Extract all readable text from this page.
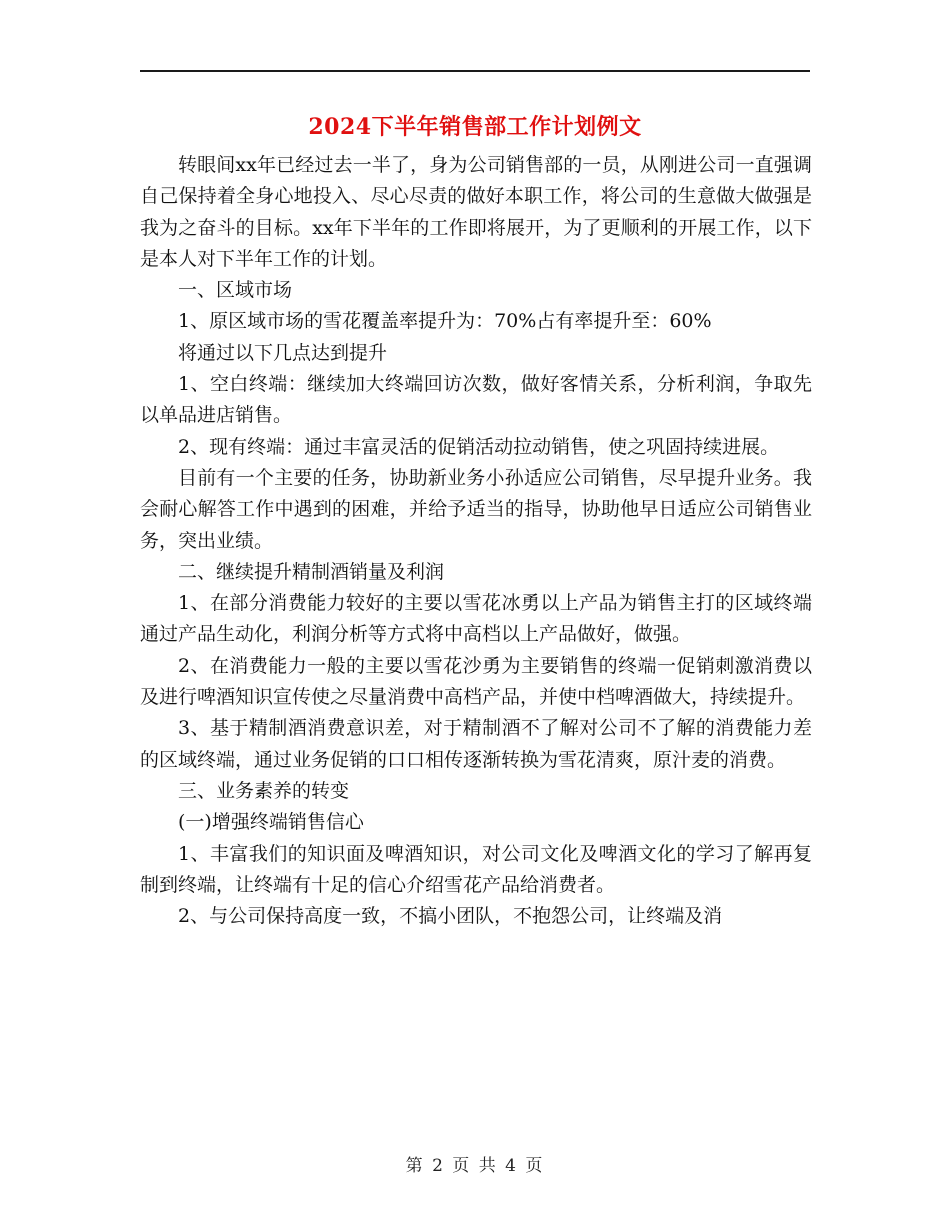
2024下半年销售部工作计划例文

转眼间xx年已经过去一半了，身为公司销售部的一员，从刚进公司一直强调自己保持着全身心地投入、尽心尽责的做好本职工作，将公司的生意做大做强是我为之奋斗的目标。xx年下半年的工作即将展开，为了更顺利的开展工作，以下是本人对下半年工作的计划。

一、区域市场

1、原区域市场的雪花覆盖率提升为：70%占有率提升至：60%

将通过以下几点达到提升

1、空白终端：继续加大终端回访次数，做好客情关系，分析利润，争取先以单品进店销售。

2、现有终端：通过丰富灵活的促销活动拉动销售，使之巩固持续进展。

目前有一个主要的任务，协助新业务小孙适应公司销售，尽早提升业务。我会耐心解答工作中遇到的困难，并给予适当的指导，协助他早日适应公司销售业务，突出业绩。

二、继续提升精制酒销量及利润

1、在部分消费能力较好的主要以雪花冰勇以上产品为销售主打的区域终端通过产品生动化，利润分析等方式将中高档以上产品做好，做强。

2、在消费能力一般的主要以雪花沙勇为主要销售的终端一促销刺激消费以及进行啤酒知识宣传使之尽量消费中高档产品，并使中档啤酒做大，持续提升。

3、基于精制酒消费意识差，对于精制酒不了解对公司不了解的消费能力差的区域终端，通过业务促销的口口相传逐渐转换为雪花清爽，原汁麦的消费。

三、业务素养的转变

(一)增强终端销售信心

1、丰富我们的知识面及啤酒知识，对公司文化及啤酒文化的学习了解再复制到终端，让终端有十足的信心介绍雪花产品给消费者。

2、与公司保持高度一致，不搞小团队，不抱怨公司，让终端及消

第 2 页 共 4 页
